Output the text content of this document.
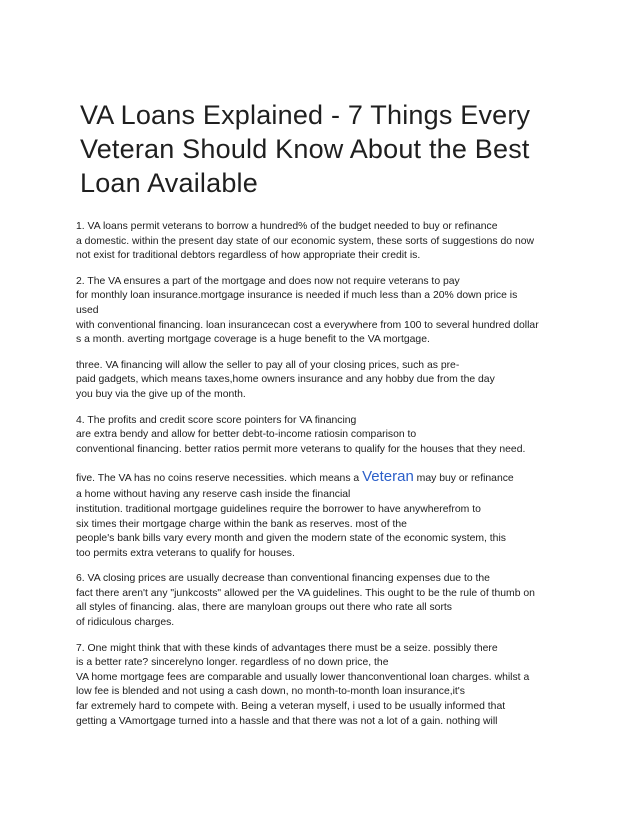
VA Loans Explained - 7 Things Every
Veteran Should Know About the Best
Loan Available
1. VA loans permit veterans to borrow a hundred% of the budget needed to buy or refinance
a domestic. within the present day state of our economic system, these sorts of suggestions do now
not exist for traditional debtors regardless of how appropriate their credit is.
2. The VA ensures a part of the mortgage and does now not require veterans to pay
for monthly loan insurance.mortgage insurance is needed if much less than a 20% down price is
used
with conventional financing. loan insurancecan cost a everywhere from 100 to several hundred dollar
s a month. averting mortgage coverage is a huge benefit to the VA mortgage.
three. VA financing will allow the seller to pay all of your closing prices, such as pre-
paid gadgets, which means taxes,home owners insurance and any hobby due from the day
you buy via the give up of the month.
4. The profits and credit score score pointers for VA financing
are extra bendy and allow for better debt-to-income ratiosin comparison to
conventional financing. better ratios permit more veterans to qualify for the houses that they need.
five. The VA has no coins reserve necessities. which means a Veteran may buy or refinance
a home without having any reserve cash inside the financial
institution. traditional mortgage guidelines require the borrower to have anywherefrom to
six times their mortgage charge within the bank as reserves. most of the
people's bank bills vary every month and given the modern state of the economic system, this
too permits extra veterans to qualify for houses.
6. VA closing prices are usually decrease than conventional financing expenses due to the
fact there aren't any "junkcosts" allowed per the VA guidelines. This ought to be the rule of thumb on
all styles of financing. alas, there are manyloan groups out there who rate all sorts
of ridiculous charges.
7. One might think that with these kinds of advantages there must be a seize. possibly there
is a better rate? sincerelyno longer. regardless of no down price, the
VA home mortgage fees are comparable and usually lower thanconventional loan charges. whilst a
low fee is blended and not using a cash down, no month-to-month loan insurance,it's
far extremely hard to compete with. Being a veteran myself, i used to be usually informed that
getting a VAmortgage turned into a hassle and that there was not a lot of a gain. nothing will
